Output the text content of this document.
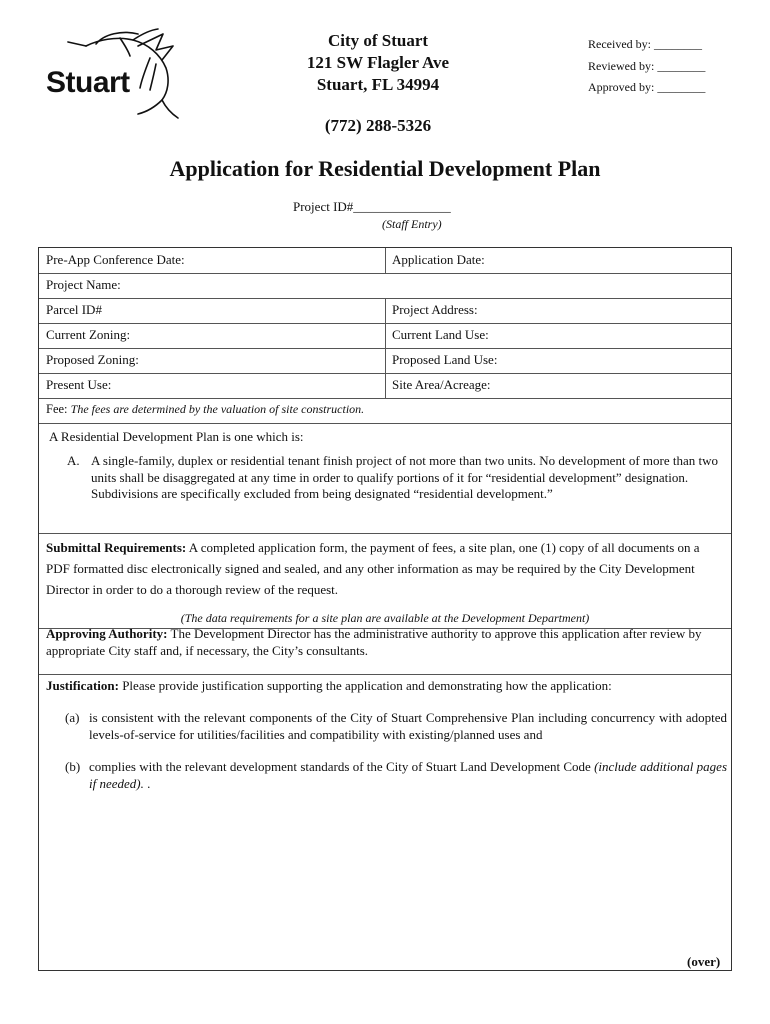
Stuart
City of Stuart
121 SW Flagler Ave
Stuart, FL 34994
(772) 288-5326
Received by: ________
Reviewed by: ________
Approved by: ________
Application for Residential Development Plan
Project ID#_______________
(Staff Entry)
Pre-App Conference Date:	Application Date:
Project Name:
Parcel ID#	Project Address:
Current Zoning:	Current Land Use:
Proposed Zoning:	Proposed Land Use:
Present Use:	Site Area/Acreage:
Fee: The fees are determined by the valuation of site construction.
A Residential Development Plan is one which is:
A. A single-family, duplex or residential tenant finish project of not more than two units. No development of more than two units shall be disaggregated at any time in order to qualify portions of it for “residential development” designation. Subdivisions are specifically excluded from being designated “residential development.”
Submittal Requirements: A completed application form, the payment of fees, a site plan, one (1) copy of all documents on a PDF formatted disc electronically signed and sealed, and any other information as may be required by the City Development Director in order to do a thorough review of the request.
(The data requirements for a site plan are available at the Development Department)
Approving Authority: The Development Director has the administrative authority to approve this application after review by appropriate City staff and, if necessary, the City’s consultants.
Justification: Please provide justification supporting the application and demonstrating how the application:
(a) is consistent with the relevant components of the City of Stuart Comprehensive Plan including concurrency with adopted levels-of-service for utilities/facilities and compatibility with existing/planned uses and
(b) complies with the relevant development standards of the City of Stuart Land Development Code (include additional pages if needed). .
(over)
